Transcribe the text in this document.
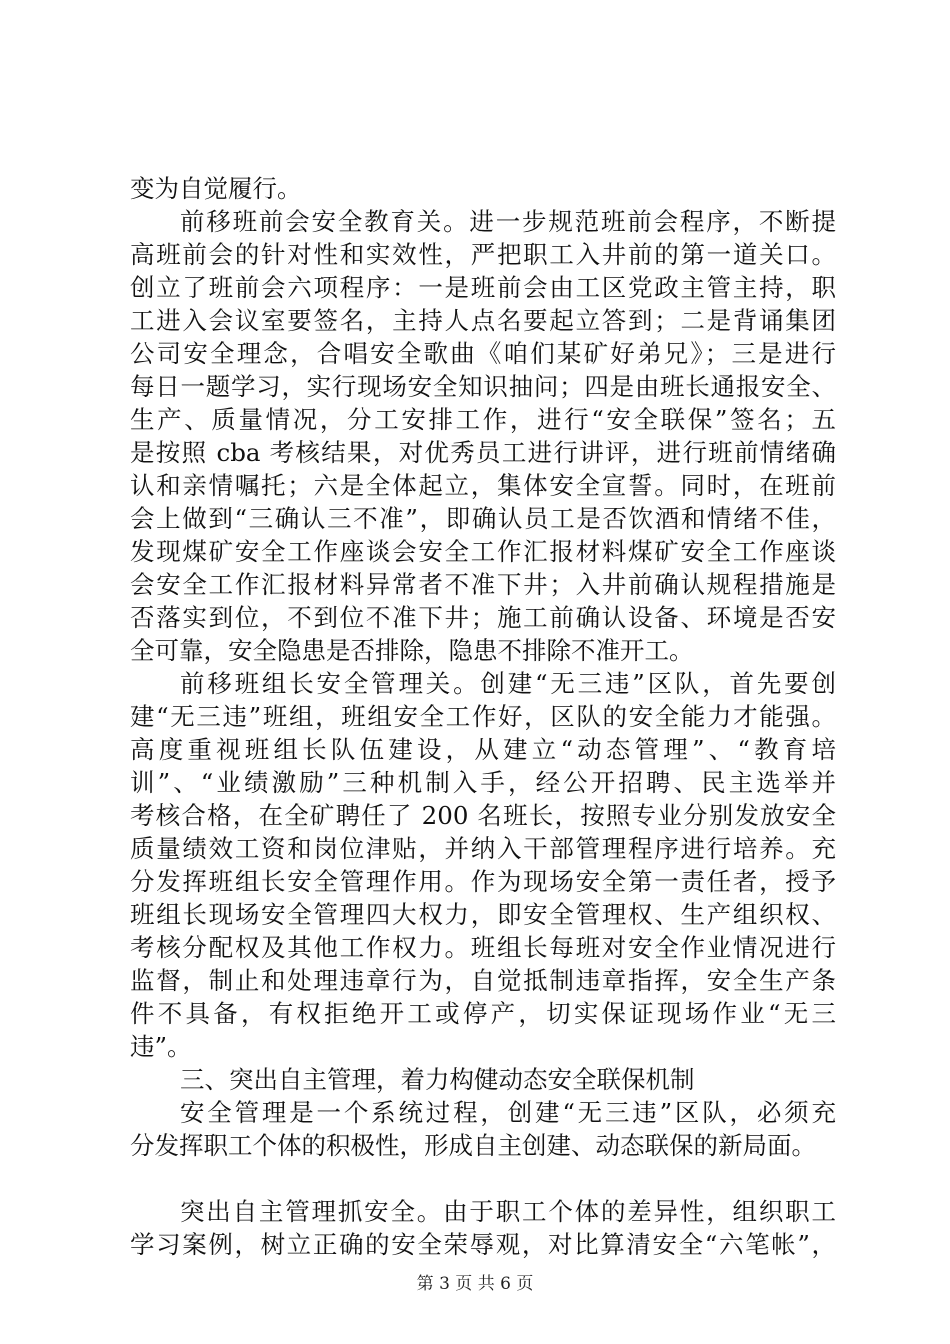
变为自觉履行。
前移班前会安全教育关。进一步规范班前会程序，不断提
高班前会的针对性和实效性，严把职工入井前的第一道关口。
创立了班前会六项程序：一是班前会由工区党政主管主持，职
工进入会议室要签名，主持人点名要起立答到；二是背诵集团
公司安全理念，合唱安全歌曲《咱们某矿好弟兄》；三是进行
每日一题学习，实行现场安全知识抽问；四是由班长通报安全、
生产、质量情况，分工安排工作，进行“安全联保”签名；五
是按照 cba 考核结果，对优秀员工进行讲评，进行班前情绪确
认和亲情嘱托；六是全体起立，集体安全宣誓。同时，在班前
会上做到“三确认三不准”，即确认员工是否饮酒和情绪不佳，
发现煤矿安全工作座谈会安全工作汇报材料煤矿安全工作座谈
会安全工作汇报材料异常者不准下井；入井前确认规程措施是
否落实到位，不到位不准下井；施工前确认设备、环境是否安
全可靠，安全隐患是否排除，隐患不排除不准开工。
前移班组长安全管理关。创建“无三违”区队，首先要创
建“无三违”班组，班组安全工作好，区队的安全能力才能强。
高度重视班组长队伍建设，从建立“动态管理”、“教育培
训”、“业绩激励”三种机制入手，经公开招聘、民主选举并
考核合格，在全矿聘任了 200 名班长，按照专业分别发放安全
质量绩效工资和岗位津贴，并纳入干部管理程序进行培养。充
分发挥班组长安全管理作用。作为现场安全第一责任者，授予
班组长现场安全管理四大权力，即安全管理权、生产组织权、
考核分配权及其他工作权力。班组长每班对安全作业情况进行
监督，制止和处理违章行为，自觉抵制违章指挥，安全生产条
件不具备，有权拒绝开工或停产，切实保证现场作业“无三
违”。
三、突出自主管理，着力构健动态安全联保机制
安全管理是一个系统过程，创建“无三违”区队，必须充
分发挥职工个体的积极性，形成自主创建、动态联保的新局面。
突出自主管理抓安全。由于职工个体的差异性，组织职工
学习案例，树立正确的安全荣辱观，对比算清安全“六笔帐”，
第 3 页 共 6 页
